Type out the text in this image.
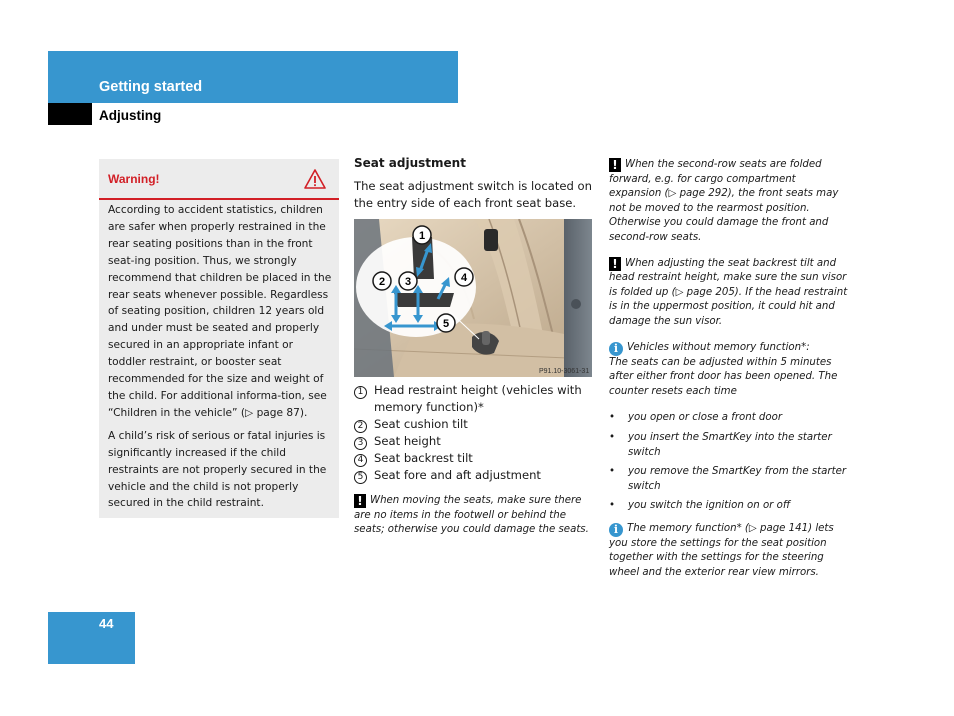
Getting started
Adjusting
Warning!

According to accident statistics, children are safer when properly restrained in the rear seating positions than in the front seat-ing position. Thus, we strongly recommend that children be placed in the rear seats whenever possible. Regardless of seating position, children 12 years old and under must be seated and properly secured in an appropriate infant or toddler restraint, or booster seat recommended for the size and weight of the child. For additional informa-tion, see “Children in the vehicle” (▷ page 87).

A child’s risk of serious or fatal injuries is significantly increased if the child restraints are not properly secured in the vehicle and the child is not properly secured in the child restraint.

Seat adjustment
The seat adjustment switch is located on the entry side of each front seat base.
1
2 3	4
5
P91.10-3061-31
1 Head restraint height (vehicles with memory function)*
2 Seat cushion tilt
3 Seat height
4 Seat backrest tilt
5 Seat fore and aft adjustment
! When moving the seats, make sure there are no items in the footwell or behind the seats; otherwise you could damage the seats.
! When the second-row seats are folded forward, e.g. for cargo compartment expansion (▷ page 292), the front seats may not be moved to the rearmost position. Otherwise you could damage the front and second-row seats.
! When adjusting the seat backrest tilt and head restraint height, make sure the sun visor is folded up (▷ page 205). If the head restraint is in the uppermost position, it could hit and damage the sun visor.
i Vehicles without memory function*:
The seats can be adjusted within 5 minutes after either front door has been opened. The counter resets each time
•	you open or close a front door
•	you insert the SmartKey into the starter switch
•	you remove the SmartKey from the starter switch
•	you switch the ignition on or off
i The memory function* (▷ page 141) lets you store the settings for the seat position together with the settings for the steering wheel and the exterior rear view mirrors.
44
